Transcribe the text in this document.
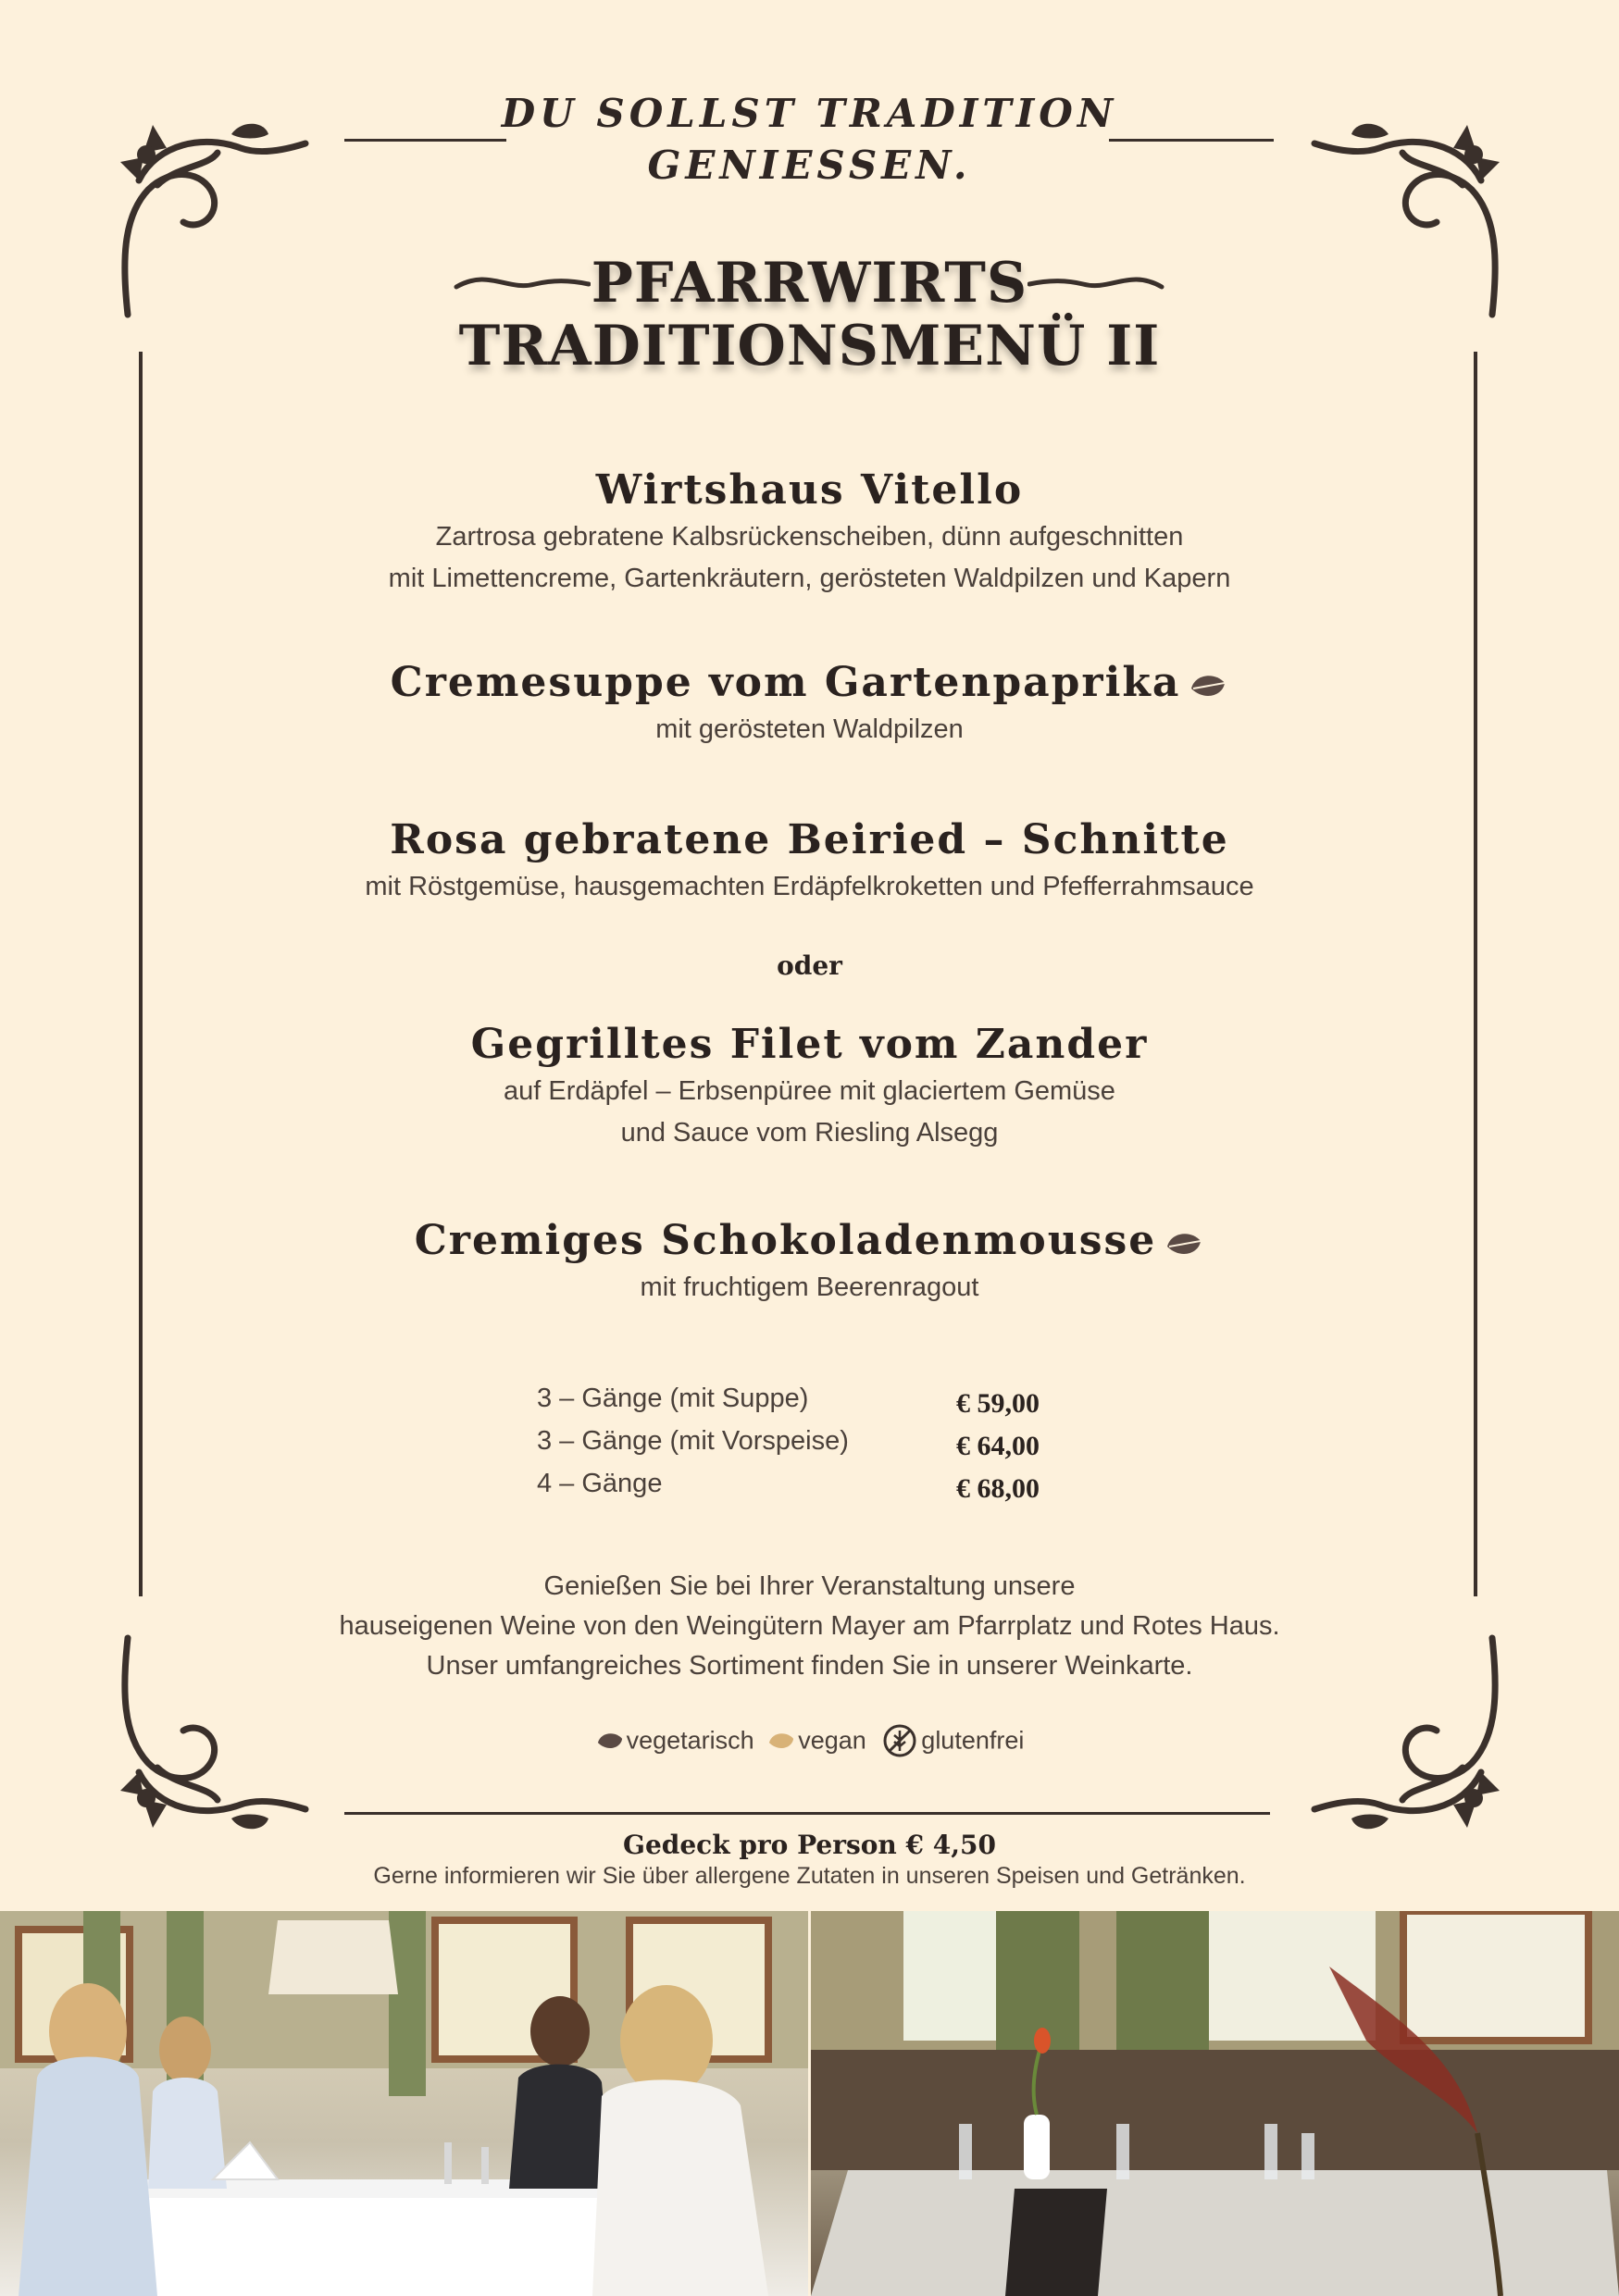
DU SOLLST TRADITION
GENIESSEN.
PFARRWIRTS
TRADITIONSMENÜ II
Wirtshaus Vitello
Zartrosa gebratene Kalbsrückenscheiben, dünn aufgeschnitten
mit Limettencreme, Gartenkräutern, gerösteten Waldpilzen und Kapern
Cremesuppe vom Gartenpaprika
mit gerösteten Waldpilzen
Rosa gebratene Beiried – Schnitte
mit Röstgemüse, hausgemachten Erdäpfelkroketten und Pfefferrahmsauce
oder
Gegrilltes Filet vom Zander
auf Erdäpfel – Erbsenpüree mit glaciertem Gemüse
und Sauce vom Riesling Alsegg
Cremiges Schokoladenmousse
mit fruchtigem Beerenragout
3 – Gänge (mit Suppe)	€ 59,00
3 – Gänge (mit Vorspeise)	€ 64,00
4 – Gänge	€ 68,00
Genießen Sie bei Ihrer Veranstaltung unsere
hauseigenen Weine von den Weingütern Mayer am Pfarrplatz und Rotes Haus.
Unser umfangreiches Sortiment finden Sie in unserer Weinkarte.
vegetarisch vegan glutenfrei
Gedeck pro Person € 4,50
Gerne informieren wir Sie über allergene Zutaten in unseren Speisen und Getränken.
